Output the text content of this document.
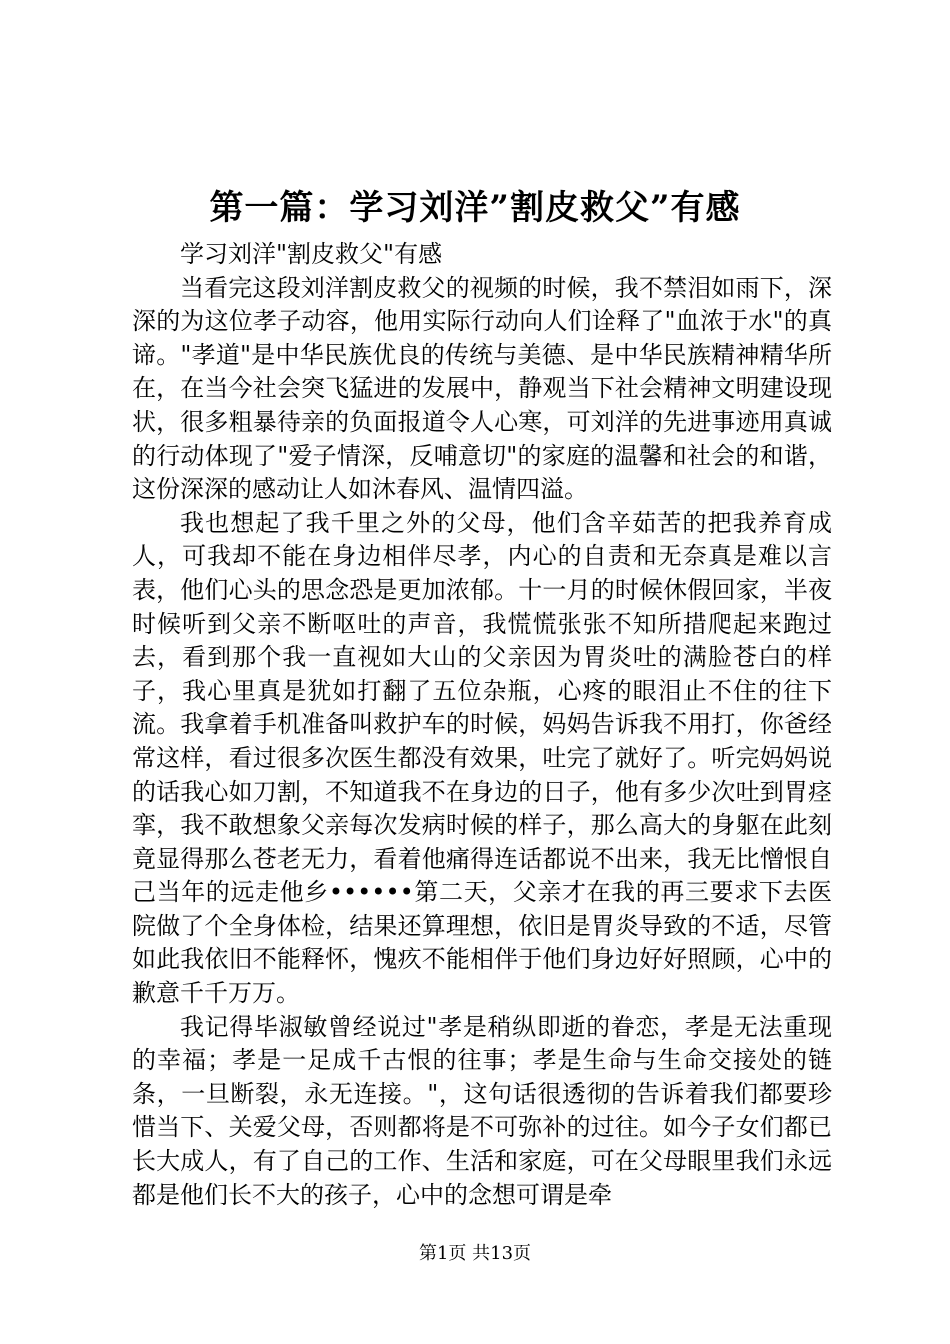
第一篇：学习刘洋”割皮救父”有感

学习刘洋"割皮救父"有感

当看完这段刘洋割皮救父的视频的时候，我不禁泪如雨下，深深的为这位孝子动容，他用实际行动向人们诠释了"血浓于水"的真谛。"孝道"是中华民族优良的传统与美德、是中华民族精神精华所在，在当今社会突飞猛进的发展中，静观当下社会精神文明建设现状，很多粗暴待亲的负面报道令人心寒，可刘洋的先进事迹用真诚的行动体现了"爱子情深，反哺意切"的家庭的温馨和社会的和谐，这份深深的感动让人如沐春风、温情四溢。

我也想起了我千里之外的父母，他们含辛茹苦的把我养育成人，可我却不能在身边相伴尽孝，内心的自责和无奈真是难以言表，他们心头的思念恐是更加浓郁。十一月的时候休假回家，半夜时候听到父亲不断呕吐的声音，我慌慌张张不知所措爬起来跑过去，看到那个我一直视如大山的父亲因为胃炎吐的满脸苍白的样子，我心里真是犹如打翻了五位杂瓶，心疼的眼泪止不住的往下流。我拿着手机准备叫救护车的时候，妈妈告诉我不用打，你爸经常这样，看过很多次医生都没有效果，吐完了就好了。听完妈妈说的话我心如刀割，不知道我不在身边的日子，他有多少次吐到胃痉挛，我不敢想象父亲每次发病时候的样子，那么高大的身躯在此刻竟显得那么苍老无力，看着他痛得连话都说不出来，我无比憎恨自己当年的远走他乡••••••第二天，父亲才在我的再三要求下去医院做了个全身体检，结果还算理想，依旧是胃炎导致的不适，尽管如此我依旧不能释怀，愧疚不能相伴于他们身边好好照顾，心中的歉意千千万万。

我记得毕淑敏曾经说过"孝是稍纵即逝的眷恋，孝是无法重现的幸福；孝是一足成千古恨的往事；孝是生命与生命交接处的链条，一旦断裂，永无连接。"，这句话很透彻的告诉着我们都要珍惜当下、关爱父母，否则都将是不可弥补的过往。如今子女们都已长大成人，有了自己的工作、生活和家庭，可在父母眼里我们永远都是他们长不大的孩子，心中的念想可谓是牵

第1页 共13页
